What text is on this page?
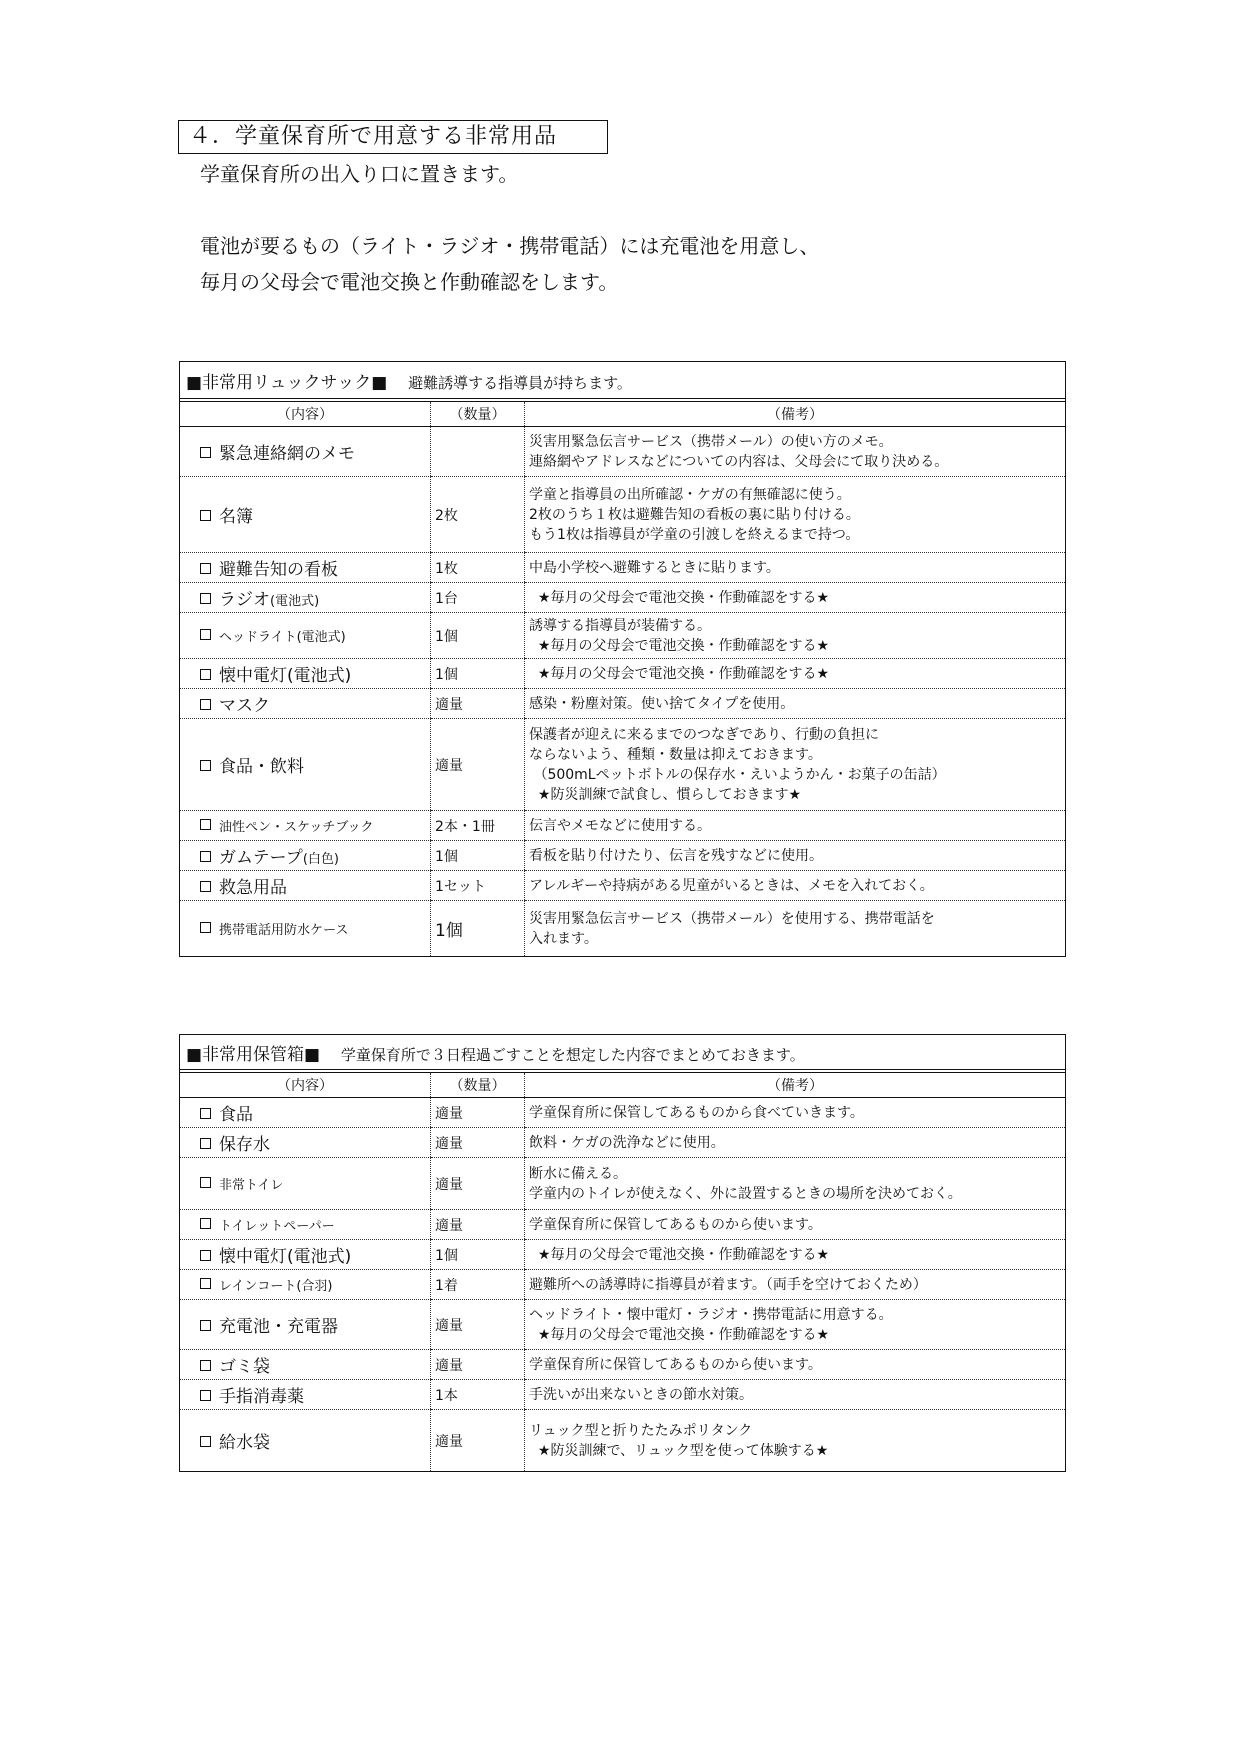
４．学童保育所で用意する非常用品
学童保育所の出入り口に置きます。
電池が要るもの（ライト・ラジオ・携帯電話）には充電池を用意し、
毎月の父母会で電池交換と作動確認をします。
■非常用リュックサック■ 避難誘導する指導員が持ちます。		

（内容）	（数量）	（備考）
緊急連絡網のメモ		災害用緊急伝言サービス（携帯メール）の使い方のメモ。
連絡網やアドレスなどについての内容は、父母会にて取り決める。
名簿	2枚	学童と指導員の出所確認・ケガの有無確認に使う。
2枚のうち１枚は避難告知の看板の裏に貼り付ける。
もう1枚は指導員が学童の引渡しを終えるまで持つ。
避難告知の看板	1枚	中島小学校へ避難するときに貼ります。
ラジオ(電池式)	1台	★毎月の父母会で電池交換・作動確認をする★
ヘッドライト(電池式)	1個	誘導する指導員が装備する。
★毎月の父母会で電池交換・作動確認をする★
懐中電灯(電池式)	1個	★毎月の父母会で電池交換・作動確認をする★
マスク	適量	感染・粉塵対策。使い捨てタイプを使用。
食品・飲料	適量	保護者が迎えに来るまでのつなぎであり、行動の負担に
ならないよう、種類・数量は抑えておきます。
（500mLペットボトルの保存水・えいようかん・お菓子の缶詰）
★防災訓練で試食し、慣らしておきます★
油性ペン・スケッチブック	2本・1冊	伝言やメモなどに使用する。
ガムテープ(白色)	1個	看板を貼り付けたり、伝言を残すなどに使用。
救急用品	1セット	アレルギーや持病がある児童がいるときは、メモを入れておく。
携帯電話用防水ケース	1個	災害用緊急伝言サービス（携帯メール）を使用する、携帯電話を
入れます。
■非常用保管箱■ 学童保育所で３日程過ごすことを想定した内容でまとめておきます。		

（内容）	（数量）	（備考）
食品	適量	学童保育所に保管してあるものから食べていきます。
保存水	適量	飲料・ケガの洗浄などに使用。
非常トイレ	適量	断水に備える。
学童内のトイレが使えなく、外に設置するときの場所を決めておく。
トイレットペーパー	適量	学童保育所に保管してあるものから使います。
懐中電灯(電池式)	1個	★毎月の父母会で電池交換・作動確認をする★
レインコート(合羽)	1着	避難所への誘導時に指導員が着ます。（両手を空けておくため）
充電池・充電器	適量	ヘッドライト・懐中電灯・ラジオ・携帯電話に用意する。
★毎月の父母会で電池交換・作動確認をする★
ゴミ袋	適量	学童保育所に保管してあるものから使います。
手指消毒薬	1本	手洗いが出来ないときの節水対策。
給水袋	適量	リュック型と折りたたみポリタンク
★防災訓練で、リュック型を使って体験する★
